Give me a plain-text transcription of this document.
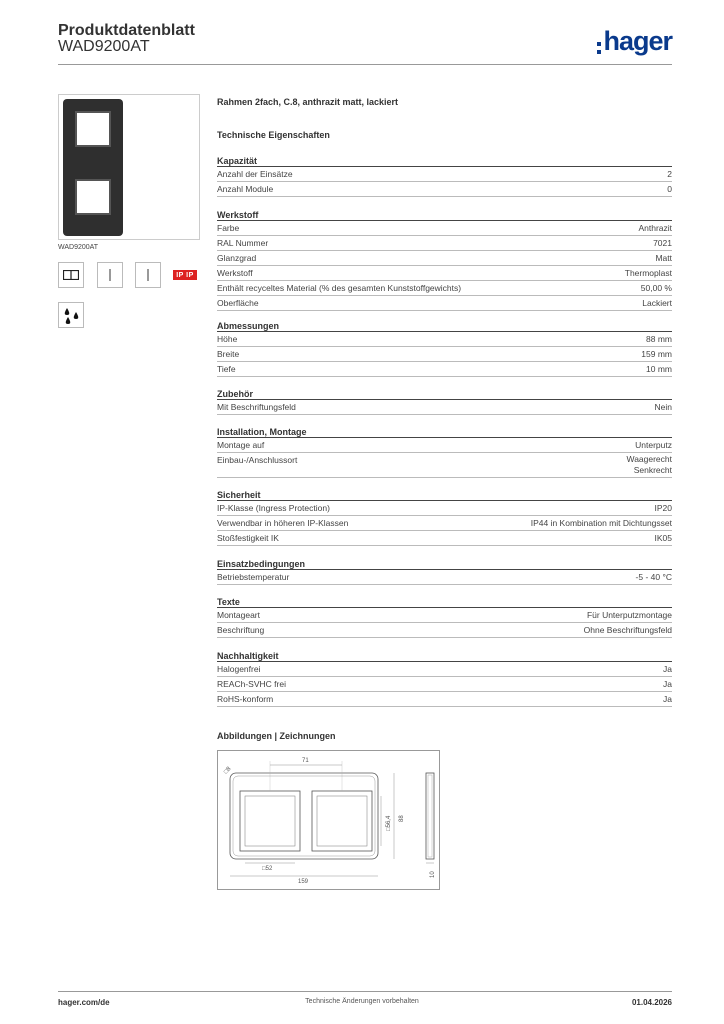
Produktdatenblatt
WAD9200AT	hager
WAD9200AT
IP IP
Rahmen 2fach, C.8, anthrazit matt, lackiert
Technische Eigenschaften
Kapazität
Anzahl der Einsätze	2
Anzahl Module	0
Werkstoff
Farbe	Anthrazit
RAL Nummer	7021
Glanzgrad	Matt
Werkstoff	Thermoplast
Enthält recyceltes Material (% des gesamten Kunststoffgewichts)	50,00 %
Oberfläche	Lackiert
Abmessungen
Höhe	88 mm
Breite	159 mm
Tiefe	10 mm
Zubehör
Mit Beschriftungsfeld	Nein
Installation, Montage
Montage auf	Unterputz
Einbau-/Anschlussort	Waagerecht Senkrecht
Sicherheit
IP-Klasse (Ingress Protection)	IP20
Verwendbar in höheren IP-Klassen	IP44 in Kombination mit Dichtungsset
Stoßfestigkeit IK	IK05
Einsatzbedingungen
Betriebstemperatur	-5 - 40 °C
Texte
Montageart	Für Unterputzmontage
Beschriftung	Ohne Beschriftungsfeld
Nachhaltigkeit
Halogenfrei	Ja
REACh-SVHC frei	Ja
RoHS-konform	Ja
Abbildungen | Zeichnungen
71
□8
□56,4 88
10
□52
159
hager.com/de	Technische Änderungen vorbehalten	01.04.2026
